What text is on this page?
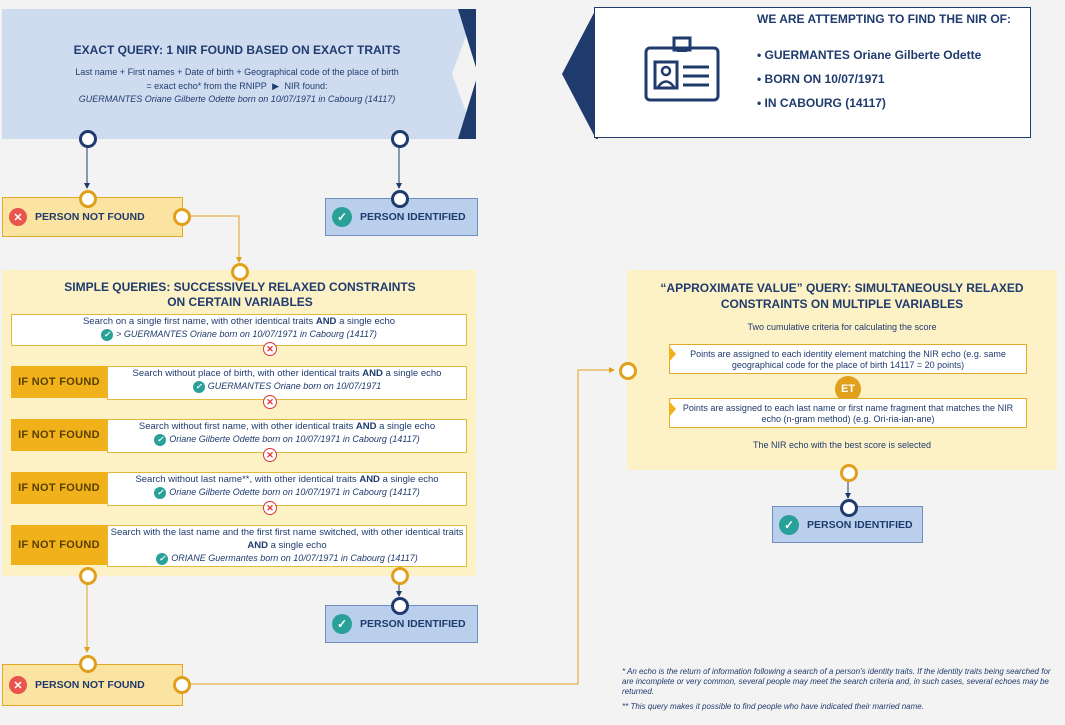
EXACT QUERY: 1 NIR FOUND BASED ON EXACT TRAITS
Last name + First names + Date of birth + Geographical code of the place of birth
= exact echo* from the RNIPP ▶ NIR found:
GUERMANTES Oriane Gilberte Odette born on 10/07/1971 in Cabourg (14117)
WE ARE ATTEMPTING TO FIND THE NIR OF:
• GUERMANTES Oriane Gilberte Odette
• BORN ON 10/07/1971
• IN CABOURG (14117)
✕	PERSON NOT FOUND	✓	PERSON IDENTIFIED
SIMPLE QUERIES: SUCCESSIVELY RELAXED CONSTRAINTS ON CERTAIN VARIABLES
Search on a single first name, with other identical traits AND a single echo
✓ > GUERMANTES Oriane born on 10/07/1971 in Cabourg (14117)
✕
IF NOT FOUND
Search without place of birth, with other identical traits AND a single echo
✓ GUERMANTES Oriane born on 10/07/1971
✕
IF NOT FOUND
Search without first name, with other identical traits AND a single echo
✓ Oriane Gilberte Odette born on 10/07/1971 in Cabourg (14117)
✕
IF NOT FOUND
Search without last name**, with other identical traits AND a single echo
✓ Oriane Gilberte Odette born on 10/07/1971 in Cabourg (14117)
✕
IF NOT FOUND
Search with the last name and the first first name switched, with other identical traits AND a single echo
✓ ORIANE Guermantes born on 10/07/1971 in Cabourg (14117)
✓	PERSON IDENTIFIED
✕	PERSON NOT FOUND
“APPROXIMATE VALUE” QUERY: SIMULTANEOUSLY RELAXED CONSTRAINTS ON MULTIPLE VARIABLES
Two cumulative criteria for calculating the score
Points are assigned to each identity element matching the NIR echo (e.g. same geographical code for the place of birth 14117 = 20 points)
ET
Points are assigned to each last name or first name fragment that matches the NIR echo (n-gram method) (e.g. Ori-ria-ian-ane)
The NIR echo with the best score is selected
✓	PERSON IDENTIFIED
* An echo is the return of information following a search of a person's identity traits. If the identity traits being searched for are incomplete or very common, several people may meet the search criteria and, in such cases, several echoes may be returned.
** This query makes it possible to find people who have indicated their married name.
